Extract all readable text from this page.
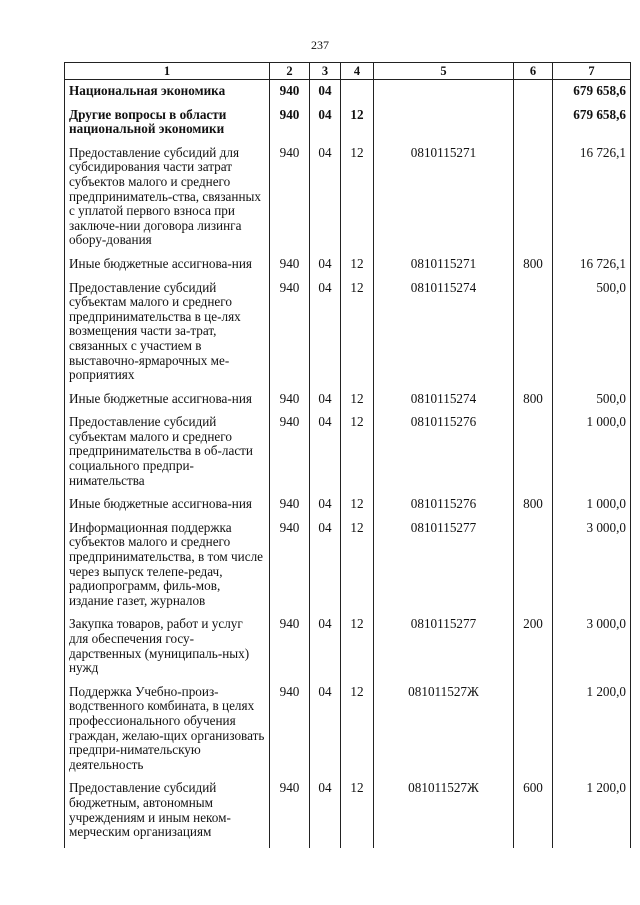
237
1	2	3	4	5	6	7
Национальная экономика	940	04				679 658,6
Другие вопросы в области национальной экономики	940	04	12			679 658,6
Предоставление субсидий для субсидирования части затрат субъектов малого и среднего предприниматель-ства, связанных с уплатой первого взноса при заключе-нии договора лизинга обору-дования	940	04	12	0810115271		16 726,1
Иные бюджетные ассигнова-ния	940	04	12	0810115271	800	16 726,1
Предоставление субсидий субъектам малого и среднего предпринимательства в це-лях возмещения части за-трат, связанных с участием в выставочно-ярмарочных ме-роприятиях	940	04	12	0810115274		500,0
Иные бюджетные ассигнова-ния	940	04	12	0810115274	800	500,0
Предоставление субсидий субъектам малого и среднего предпринимательства в об-ласти социального предпри-нимательства	940	04	12	0810115276		1 000,0
Иные бюджетные ассигнова-ния	940	04	12	0810115276	800	1 000,0
Информационная поддержка субъектов малого и среднего предпринимательства, в том числе через выпуск телепе-редач, радиопрограмм, филь-мов, издание газет, журналов	940	04	12	0810115277		3 000,0
Закупка товаров, работ и услуг для обеспечения госу-дарственных (муниципаль-ных) нужд	940	04	12	0810115277	200	3 000,0
Поддержка Учебно-произ-водственного комбината, в целях профессионального обучения граждан, желаю-щих организовать предпри-нимательскую деятельность	940	04	12	081011527Ж		1 200,0
Предоставление субсидий бюджетным, автономным учреждениям и иным неком-мерческим организациям	940	04	12	081011527Ж	600	1 200,0
